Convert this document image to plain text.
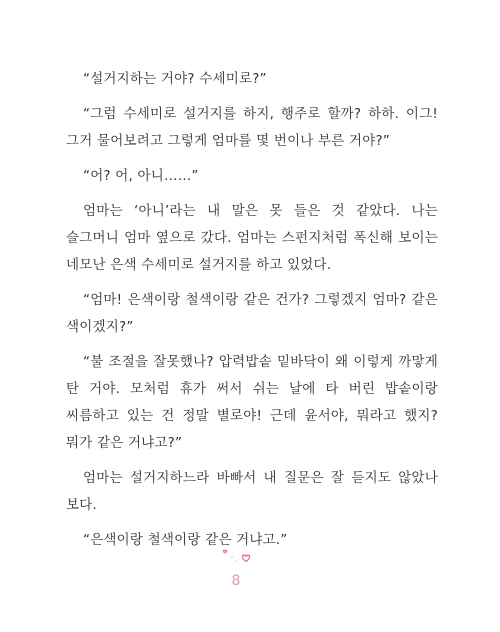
“설거지하는 거야? 수세미로?”

“그럼 수세미로 설거지를 하지, 행주로 할까? 하하. 이그! 그거 물어보려고 그렇게 엄마를 몇 번이나 부른 거야?”

“어? 어, 아니……”

엄마는 ‘아니’라는 내 말은 못 들은 것 같았다. 나는 슬그머니 엄마 옆으로 갔다. 엄마는 스펀지처럼 폭신해 보이는 네모난 은색 수세미로 설거지를 하고 있었다.

“엄마! 은색이랑 철색이랑 같은 건가? 그렇겠지 엄마? 같은 색이겠지?”

“불 조절을 잘못했나? 압력밥솥 밑바닥이 왜 이렇게 까맣게 탄 거야. 모처럼 휴가 써서 쉬는 날에 타 버린 밥솥이랑 씨름하고 있는 건 정말 별로야! 근데 윤서야, 뭐라고 했지? 뭐가 같은 거냐고?”

엄마는 설거지하느라 바빠서 내 질문은 잘 듣지도 않았나 보다.

“은색이랑 철색이랑 같은 거냐고.”

8
